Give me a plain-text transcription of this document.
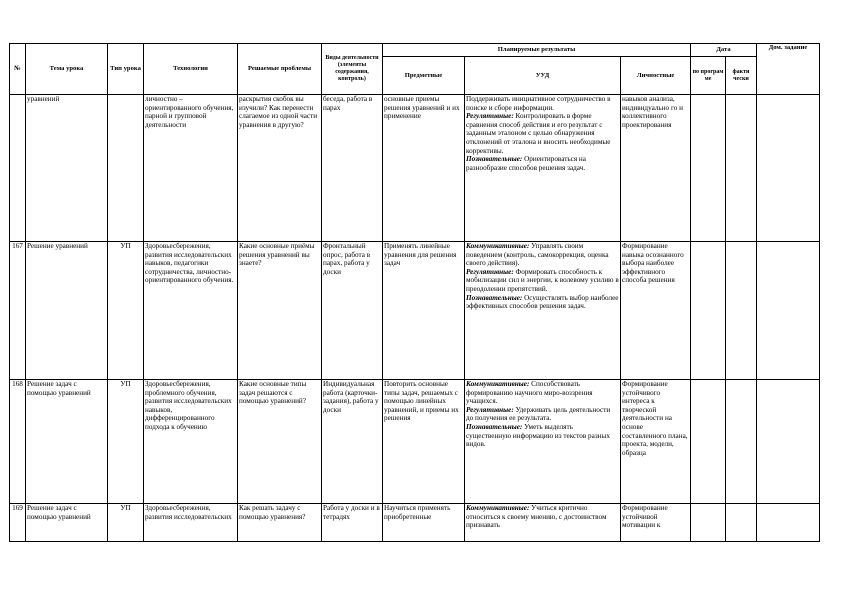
№	Тема урока	Тип урока	Технологии	Решаемые проблемы	Виды деятельности (элементы содержания, контроль)	Планируемые результаты			Дата		Дом. задание
						Предметные	УУД	Личностные	по програм ме	факти чески	
	уравнений		личностно – ориентированного обучения, парной и групповой деятельности	раскрытия скобок вы изучили? Как перенести слагаемое из одной части уравнения в другую?	беседа, работа в парах	основные приемы решения уравнений и их применение	Поддерживать инициативное сотрудничество в поиске и сборе информации.

Регулятивные: Контролировать в форме сравнения способ действия и его результат с заданным эталоном с целью обнаружения отклонений от эталона и вносить необходимые коррективы.

Познавательные: Ориентироваться на разнообразие способов решения задач.	навыков анализа, индивидуально го и коллективного проектирования			
167	Решение уравнений	УП	Здоровьесбережения, развития исследовательских навыков, педагогики сотрудничества, личностно-ориентированного обучения.	Какие основные приёмы решения уравнений вы знаете?	Фронтальный опрос, работа в парах, работа у доски	Применять линейные уравнения для решения задач	Коммуникативные: Управлять своим поведением (контроль, самокоррекция, оценка своего действия).

Регулятивные: Формировать способность к мобилизации сил и энергии, к волевому усилию в преодолении препятствий.

Познавательные: Осуществлять выбор наиболее эффективных способов решения задач.	Формирование навыка осознанного выбора наиболее эффективного способа решения			
168	Решение задач с помощью уравнений	УП	Здоровьесбережения, проблемного обучения, развития исследовательских навыков, дифференцированного подхода к обучению	Какие основные типы задач решаются с помощью уравнений?	Индивидуальная работа (карточки-задания), работа у доски	Повторить основные типы задач, решаемых с помощью линейных уравнений, и приемы их решения	Коммуникативные: Способствовать формированию научного миро-воззрения учащихся.

Регулятивные: Удерживать цель деятельности до получения ее результата.

Познавательные: Уметь выделять существенную информацию из текстов разных видов.	Формирование устойчивого интереса к творческой деятельности на основе составленного плана, проекта, модели, образца			
169	Решение задач с помощью уравнений	УП	Здоровьесбережения, развития исследовательских	Как решать задачу с помощью уравнения?	Работа у доски и в тетрадях	Научиться применять приобретенные	Коммуникативные: Учиться критично относиться к своему мнению, с достоинством признавать	Формирование устойчивой мотивации к			
